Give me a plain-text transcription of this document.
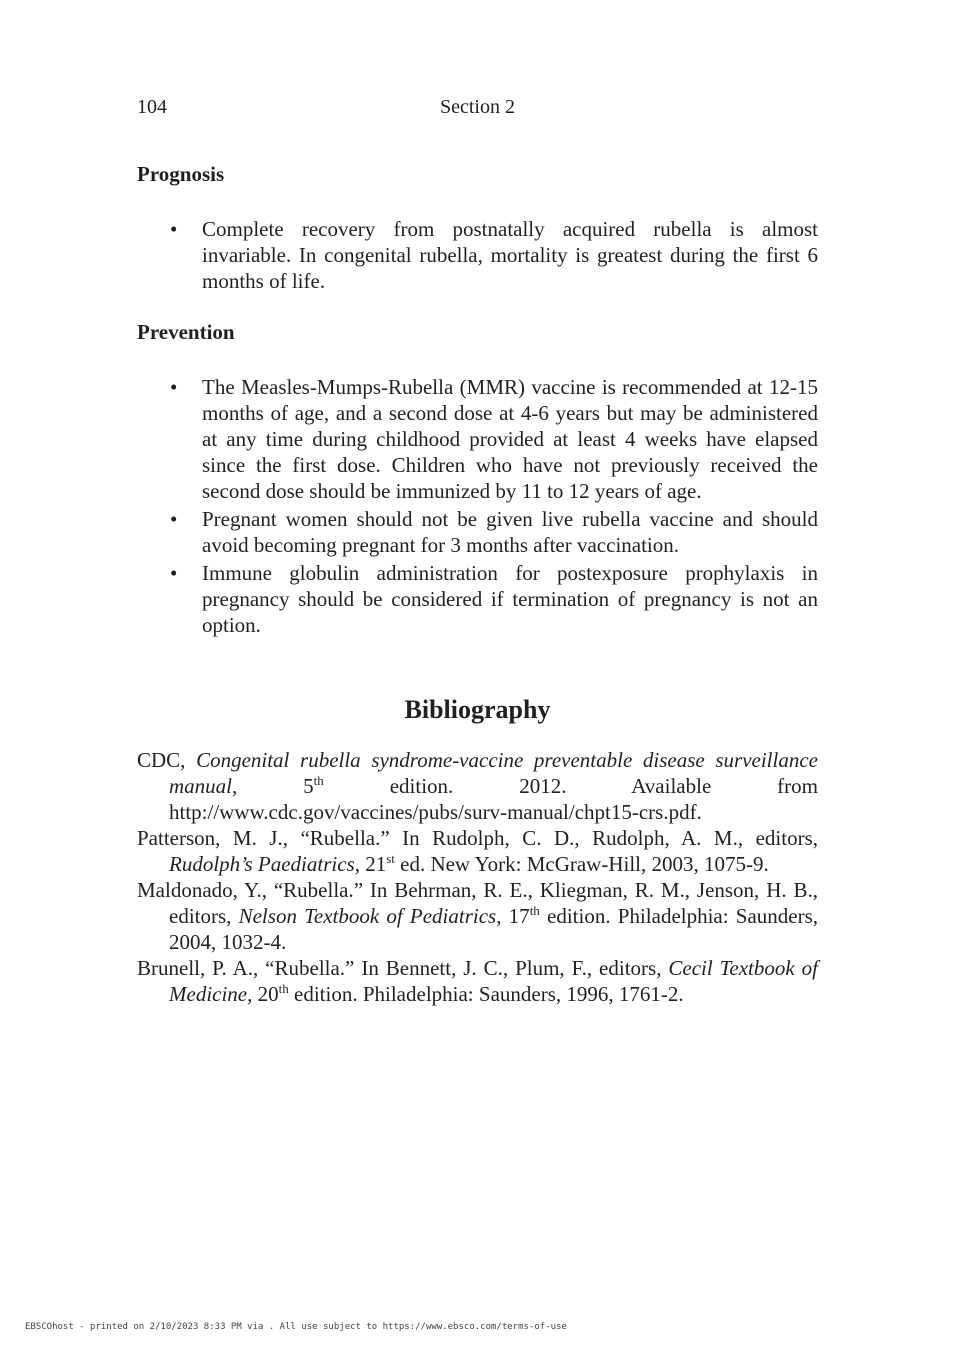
104	Section 2
Prognosis
• Complete recovery from postnatally acquired rubella is almost invariable. In congenital rubella, mortality is greatest during the first 6 months of life.
Prevention
• The Measles-Mumps-Rubella (MMR) vaccine is recommended at 12-15 months of age, and a second dose at 4-6 years but may be administered at any time during childhood provided at least 4 weeks have elapsed since the first dose. Children who have not previously received the second dose should be immunized by 11 to 12 years of age.
• Pregnant women should not be given live rubella vaccine and should avoid becoming pregnant for 3 months after vaccination.
• Immune globulin administration for postexposure prophylaxis in pregnancy should be considered if termination of pregnancy is not an option.
Bibliography

CDC, Congenital rubella syndrome-vaccine preventable disease surveillance manual, 5th edition. 2012. Available from http://www.cdc.gov/vaccines/pubs/surv-manual/chpt15-crs.pdf.

Patterson, M. J., “Rubella.” In Rudolph, C. D., Rudolph, A. M., editors, Rudolph’s Paediatrics, 21st ed. New York: McGraw-Hill, 2003, 1075-9.

Maldonado, Y., “Rubella.” In Behrman, R. E., Kliegman, R. M., Jenson, H. B., editors, Nelson Textbook of Pediatrics, 17th edition. Philadelphia: Saunders, 2004, 1032-4.

Brunell, P. A., “Rubella.” In Bennett, J. C., Plum, F., editors, Cecil Textbook of Medicine, 20th edition. Philadelphia: Saunders, 1996, 1761-2.

EBSCOhost - printed on 2/10/2023 8:33 PM via . All use subject to https://www.ebsco.com/terms-of-use
